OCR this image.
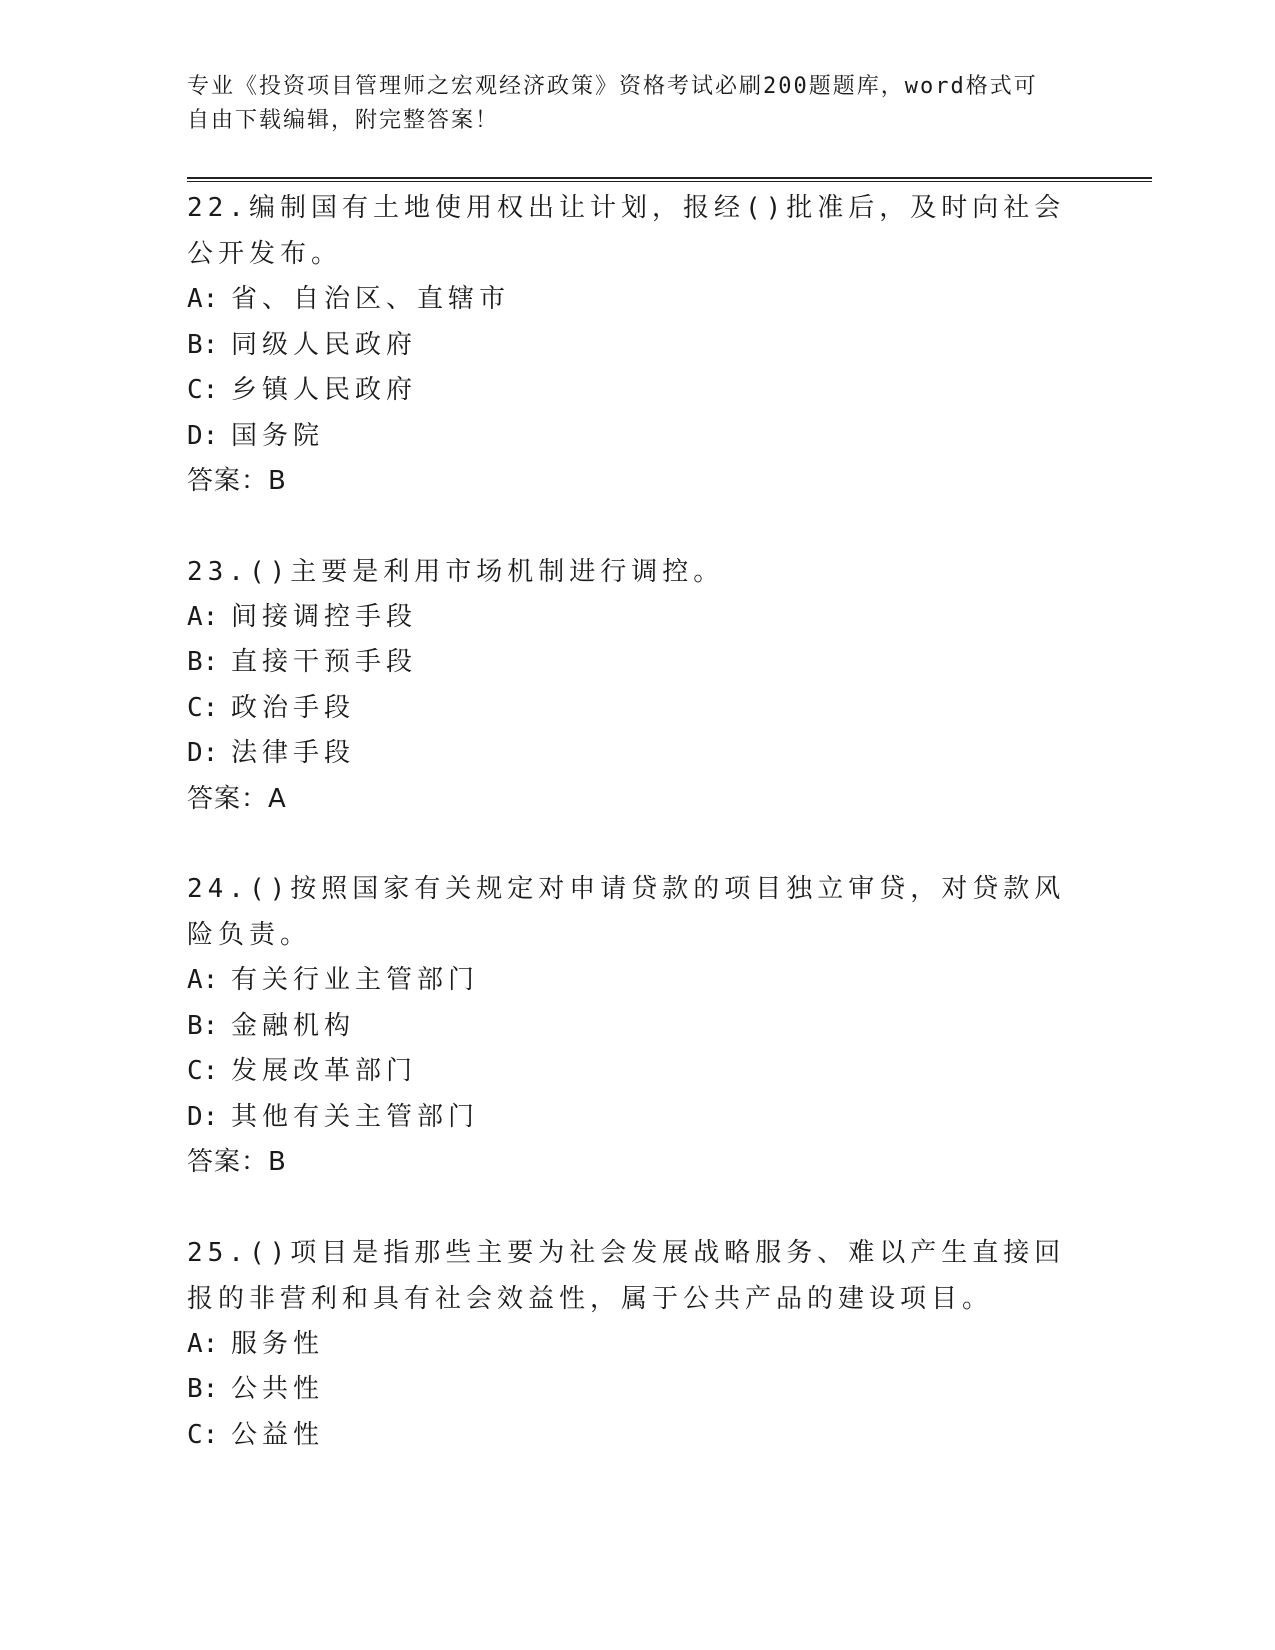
专业《投资项目管理师之宏观经济政策》资格考试必刷200题题库，word格式可
自由下载编辑，附完整答案！
22.编制国有土地使用权出让计划，报经()批准后，及时向社会公开发布。
A: 省、自治区、直辖市
B: 同级人民政府
C: 乡镇人民政府
D: 国务院
答案：B
23.()主要是利用市场机制进行调控。
A: 间接调控手段
B: 直接干预手段
C: 政治手段
D: 法律手段
答案：A
24.()按照国家有关规定对申请贷款的项目独立审贷，对贷款风险负责。
A: 有关行业主管部门
B: 金融机构
C: 发展改革部门
D: 其他有关主管部门
答案：B
25.()项目是指那些主要为社会发展战略服务、难以产生直接回报的非营利和具有社会效益性，属于公共产品的建设项目。
A: 服务性
B: 公共性
C: 公益性
